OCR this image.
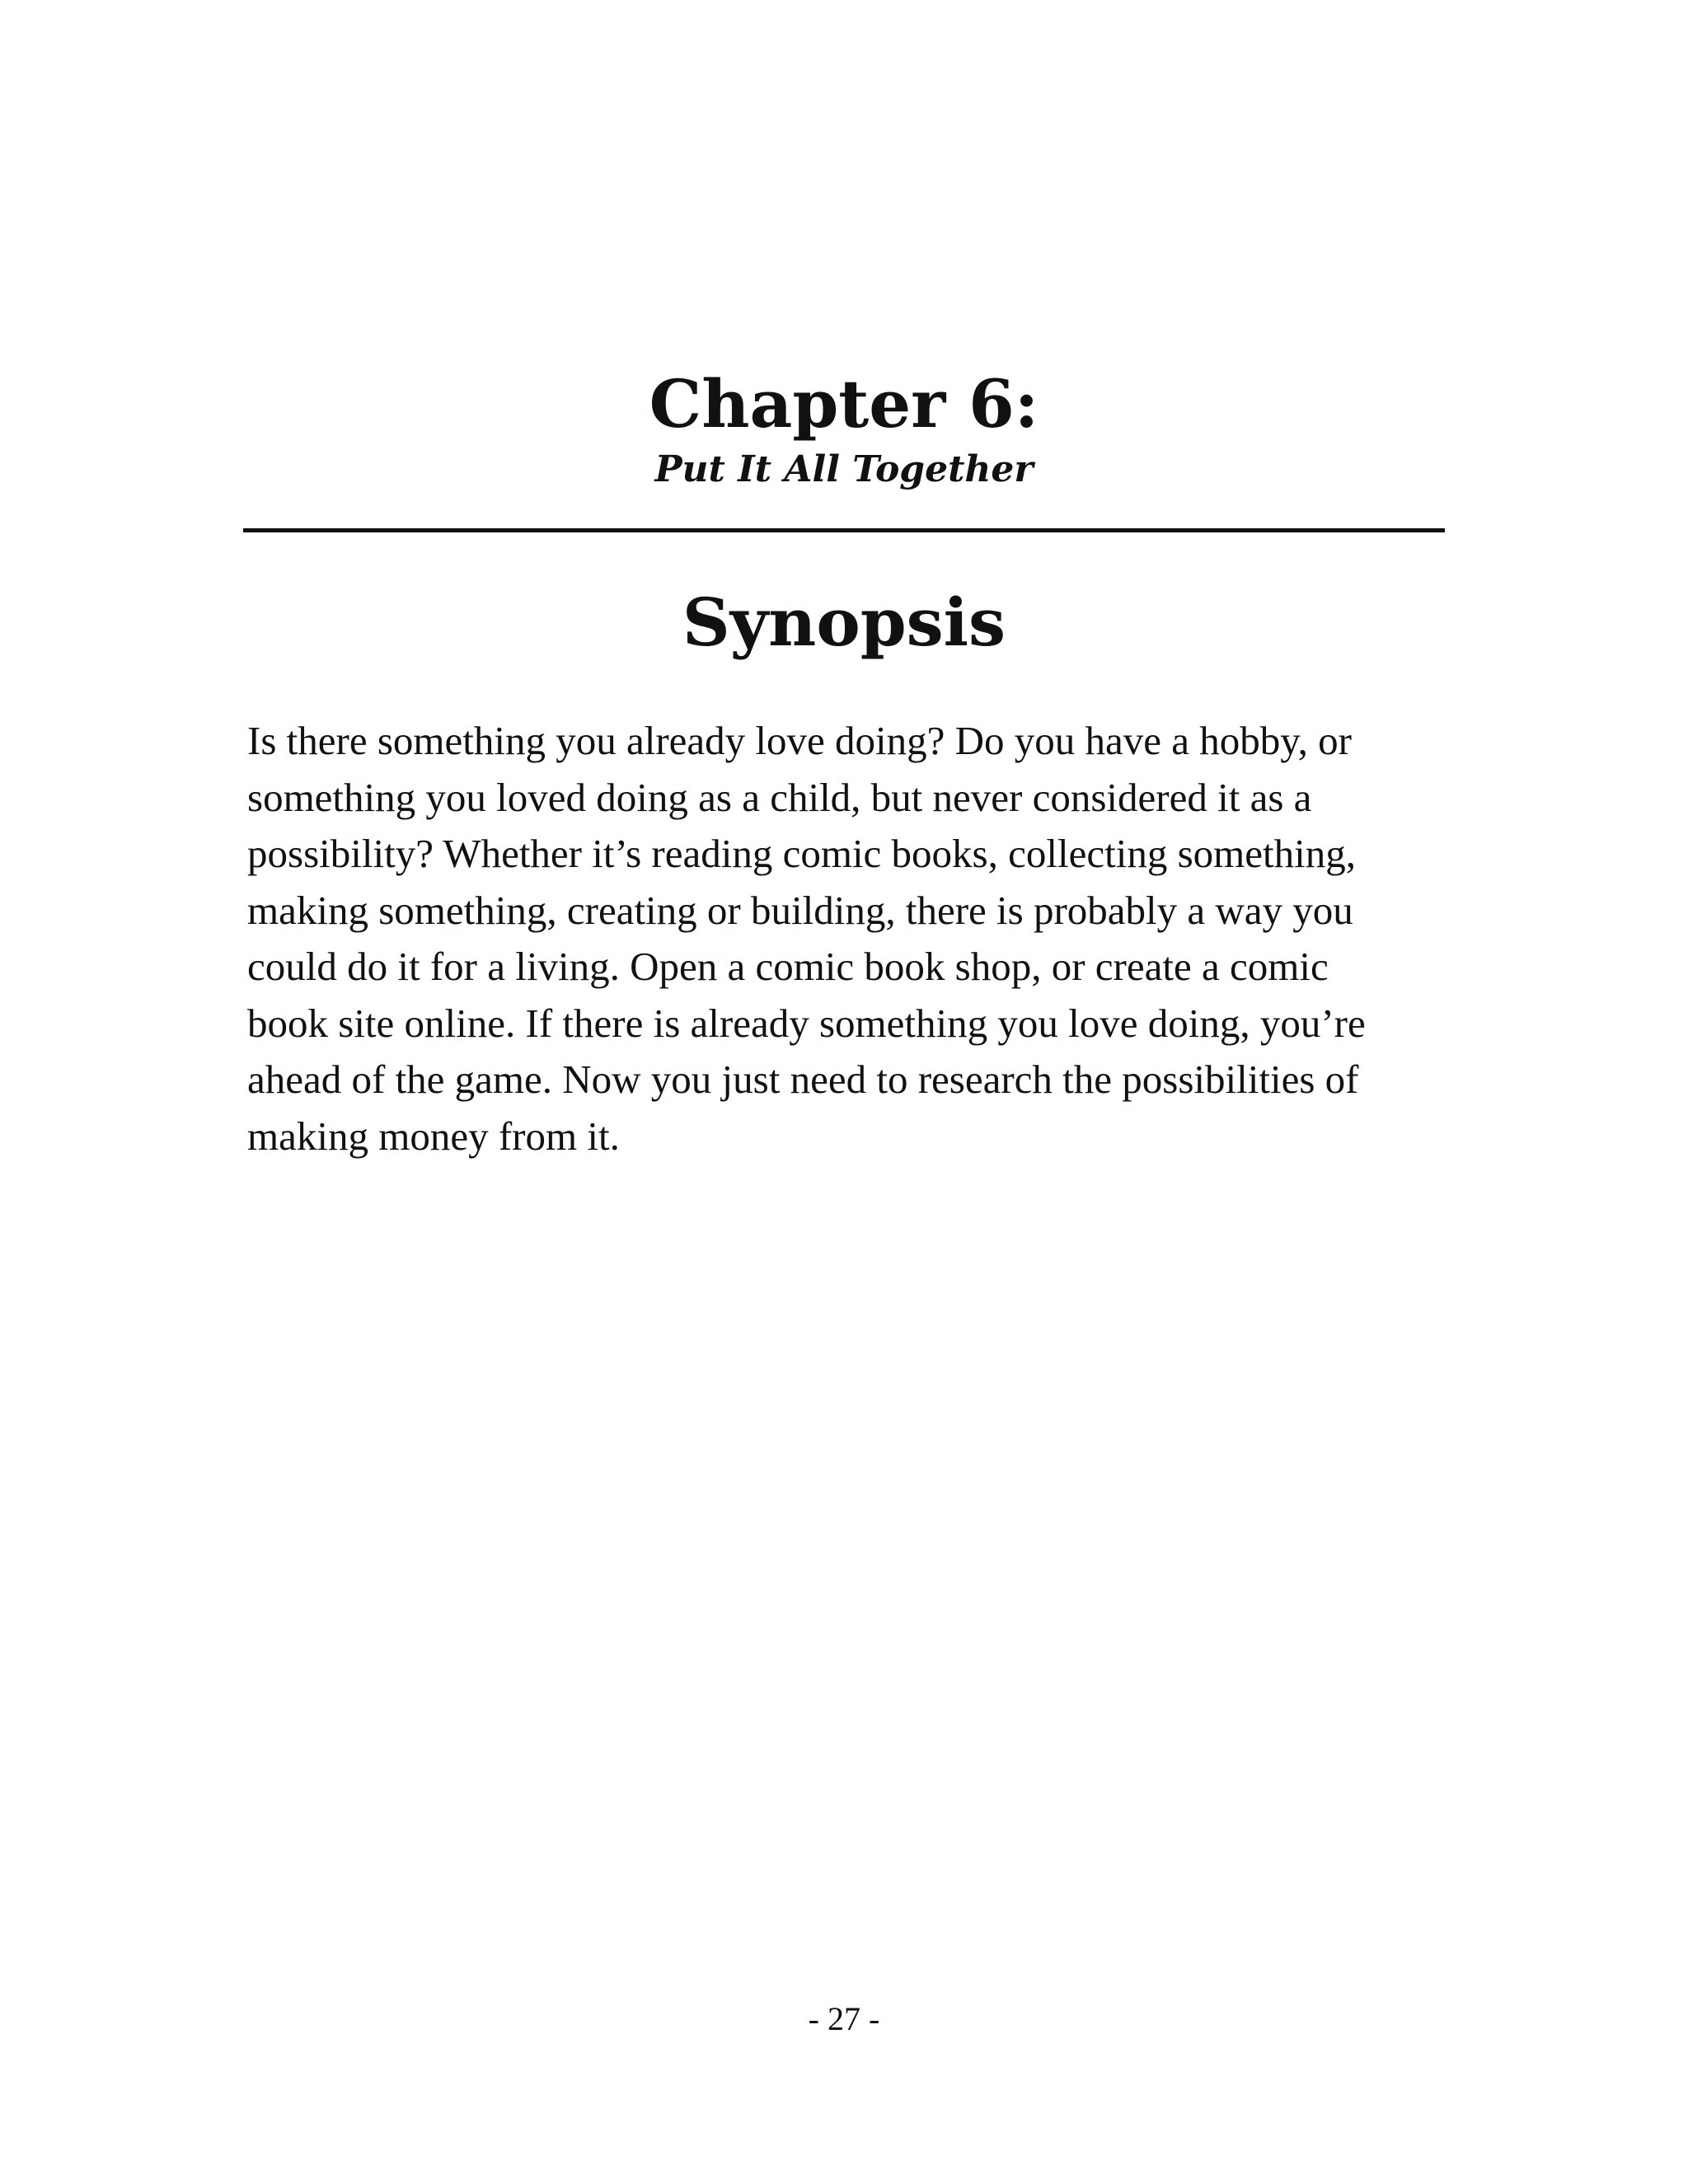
Chapter 6:
Put It All Together
Synopsis

Is there something you already love doing? Do you have a hobby, or
something you loved doing as a child, but never considered it as a
possibility? Whether it’s reading comic books, collecting something,
making something, creating or building, there is probably a way you
could do it for a living. Open a comic book shop, or create a comic
book site online. If there is already something you love doing, you’re
ahead of the game. Now you just need to research the possibilities of
making money from it.

- 27 -
